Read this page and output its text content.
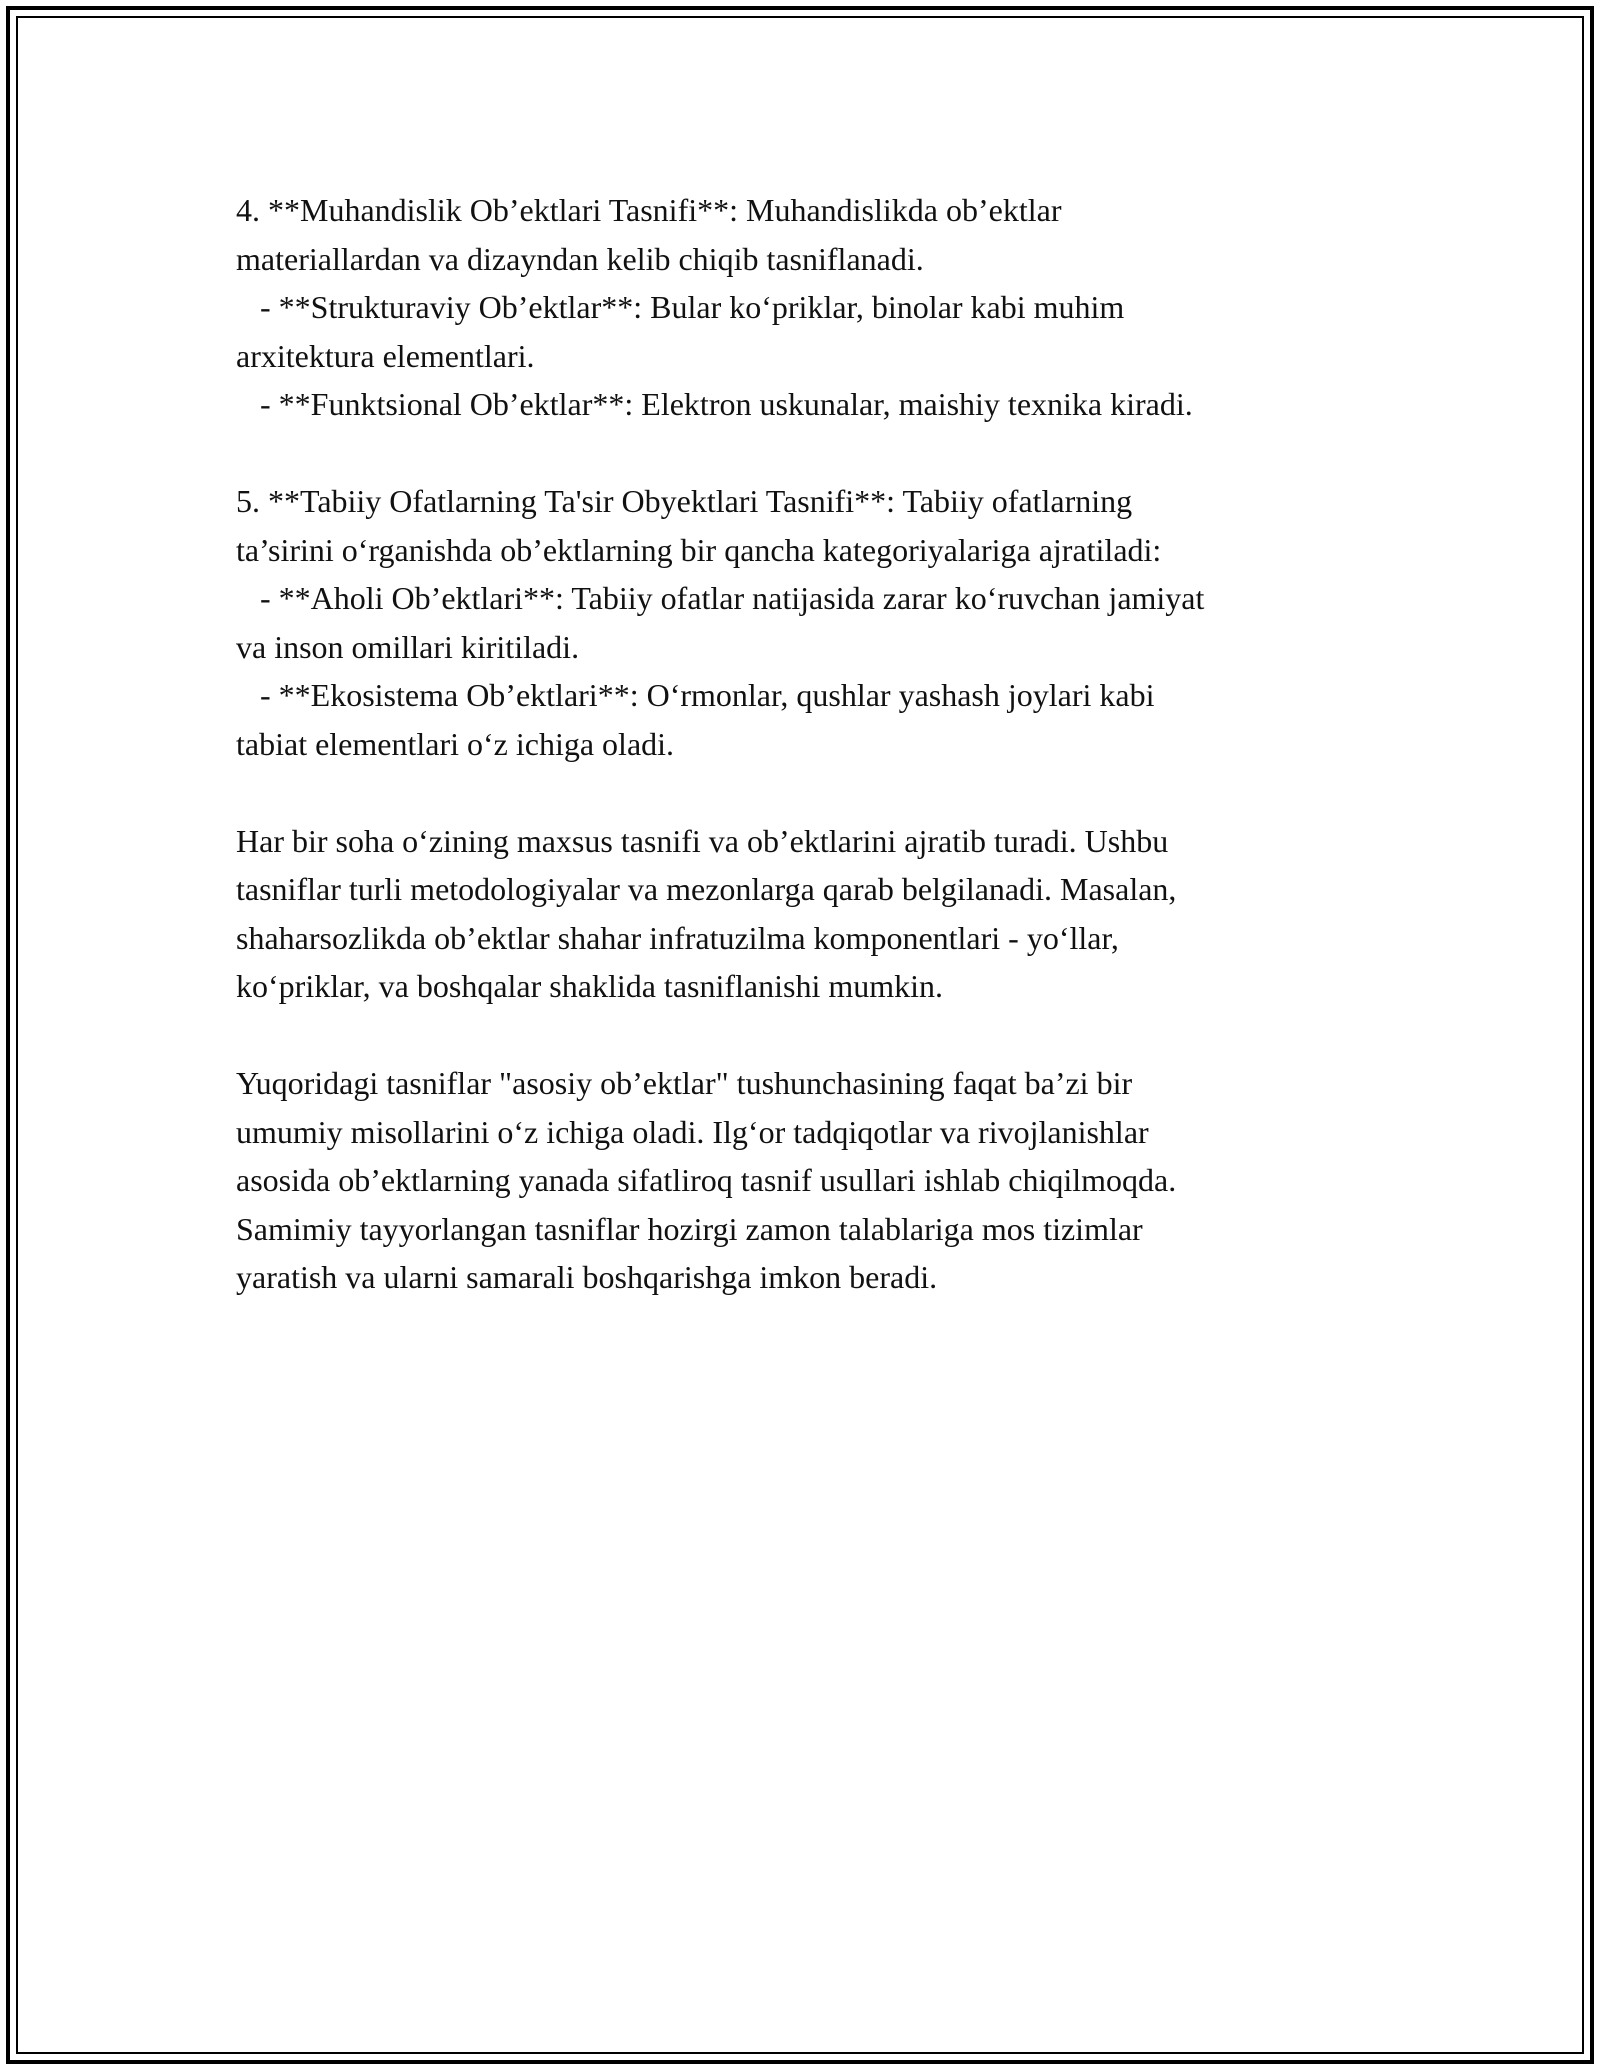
4. **Muhandislik Ob’ektlari Tasnifi**: Muhandislikda ob’ektlar

materiallardan va dizayndan kelib chiqib tasniflanadi.

- **Strukturaviy Ob’ektlar**: Bular ko‘priklar, binolar kabi muhim

arxitektura elementlari.

- **Funktsional Ob’ektlar**: Elektron uskunalar, maishiy texnika kiradi.

5. **Tabiiy Ofatlarning Ta'sir Obyektlari Tasnifi**: Tabiiy ofatlarning

ta’sirini o‘rganishda ob’ektlarning bir qancha kategoriyalariga ajratiladi:

- **Aholi Ob’ektlari**: Tabiiy ofatlar natijasida zarar ko‘ruvchan jamiyat

va inson omillari kiritiladi.

- **Ekosistema Ob’ektlari**: O‘rmonlar, qushlar yashash joylari kabi

tabiat elementlari o‘z ichiga oladi.

Har bir soha o‘zining maxsus tasnifi va ob’ektlarini ajratib turadi. Ushbu

tasniflar turli metodologiyalar va mezonlarga qarab belgilanadi. Masalan,

shaharsozlikda ob’ektlar shahar infratuzilma komponentlari - yo‘llar,

ko‘priklar, va boshqalar shaklida tasniflanishi mumkin.

Yuqoridagi tasniflar "asosiy ob’ektlar" tushunchasining faqat ba’zi bir

umumiy misollarini o‘z ichiga oladi. Ilg‘or tadqiqotlar va rivojlanishlar

asosida ob’ektlarning yanada sifatliroq tasnif usullari ishlab chiqilmoqda.

Samimiy tayyorlangan tasniflar hozirgi zamon talablariga mos tizimlar

yaratish va ularni samarali boshqarishga imkon beradi.
